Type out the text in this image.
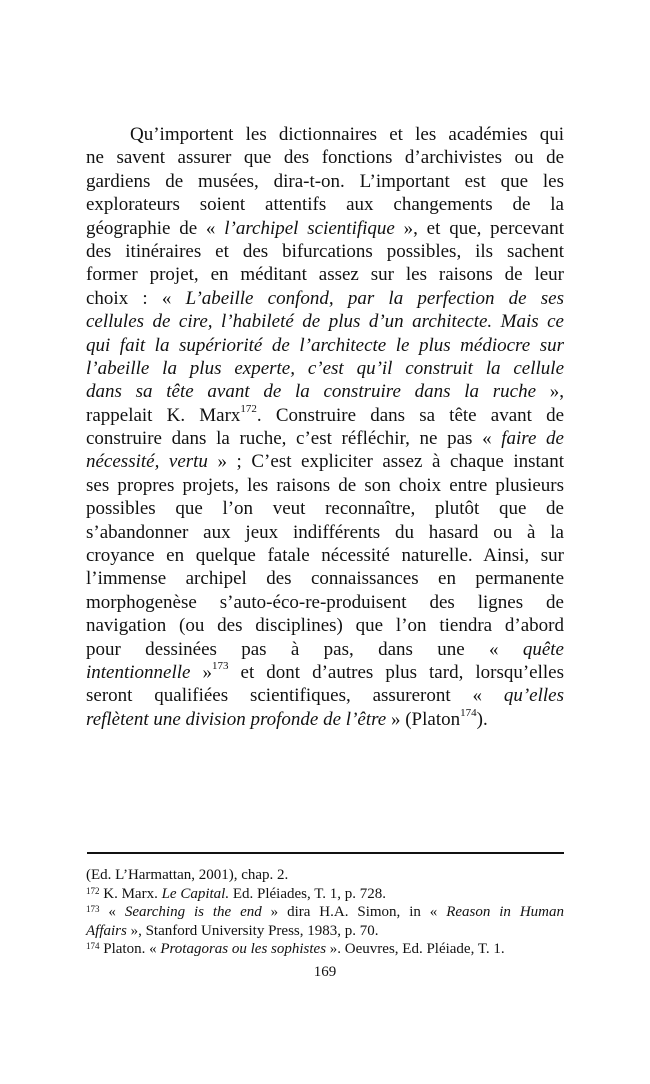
Qu’importent les dictionnaires et les académies qui
ne savent assurer que des fonctions d’archivistes ou de
gardiens de musées, dira-t-on. L’important est que les
explorateurs soient attentifs aux changements de la
géographie de « l’archipel scientifique », et que, percevant
des itinéraires et des bifurcations possibles, ils sachent
former projet, en méditant assez sur les raisons de leur
choix : « L’abeille confond, par la perfection de ses
cellules de cire, l’habileté de plus d’un architecte. Mais ce
qui fait la supériorité de l’architecte le plus médiocre sur
l’abeille la plus experte, c’est qu’il construit la cellule
dans sa tête avant de la construire dans la ruche »,
rappelait K. Marx$^{172}$. Construire dans sa tête avant de
construire dans la ruche, c’est réfléchir, ne pas « faire de
nécessité, vertu » ; C’est expliciter assez à chaque instant
ses propres projets, les raisons de son choix entre plusieurs
possibles que l’on veut reconnaître, plutôt que de
s’abandonner aux jeux indifférents du hasard ou à la
croyance en quelque fatale nécessité naturelle. Ainsi, sur
l’immense archipel des connaissances en permanente
morphogenèse s’auto-éco-re-produisent des lignes de
navigation (ou des disciplines) que l’on tiendra d’abord
pour dessinées pas à pas, dans une « quête
intentionnelle »$^{173}$ et dont d’autres plus tard, lorsqu’elles
seront qualifiées scientifiques, assureront « qu’elles
reflètent une division profonde de l’être » (Platon$^{174}$).
(Ed. L’Harmattan, 2001), chap. 2.
$^{172}$ K. Marx. Le Capital. Ed. Pléiades, T. 1, p. 728.
$^{173}$ « Searching is the end » dira H.A. Simon, in « Reason in Human
Affairs », Stanford University Press, 1983, p. 70.
$^{174}$ Platon. « Protagoras ou les sophistes ». Oeuvres, Ed. Pléiade, T. 1.
169
